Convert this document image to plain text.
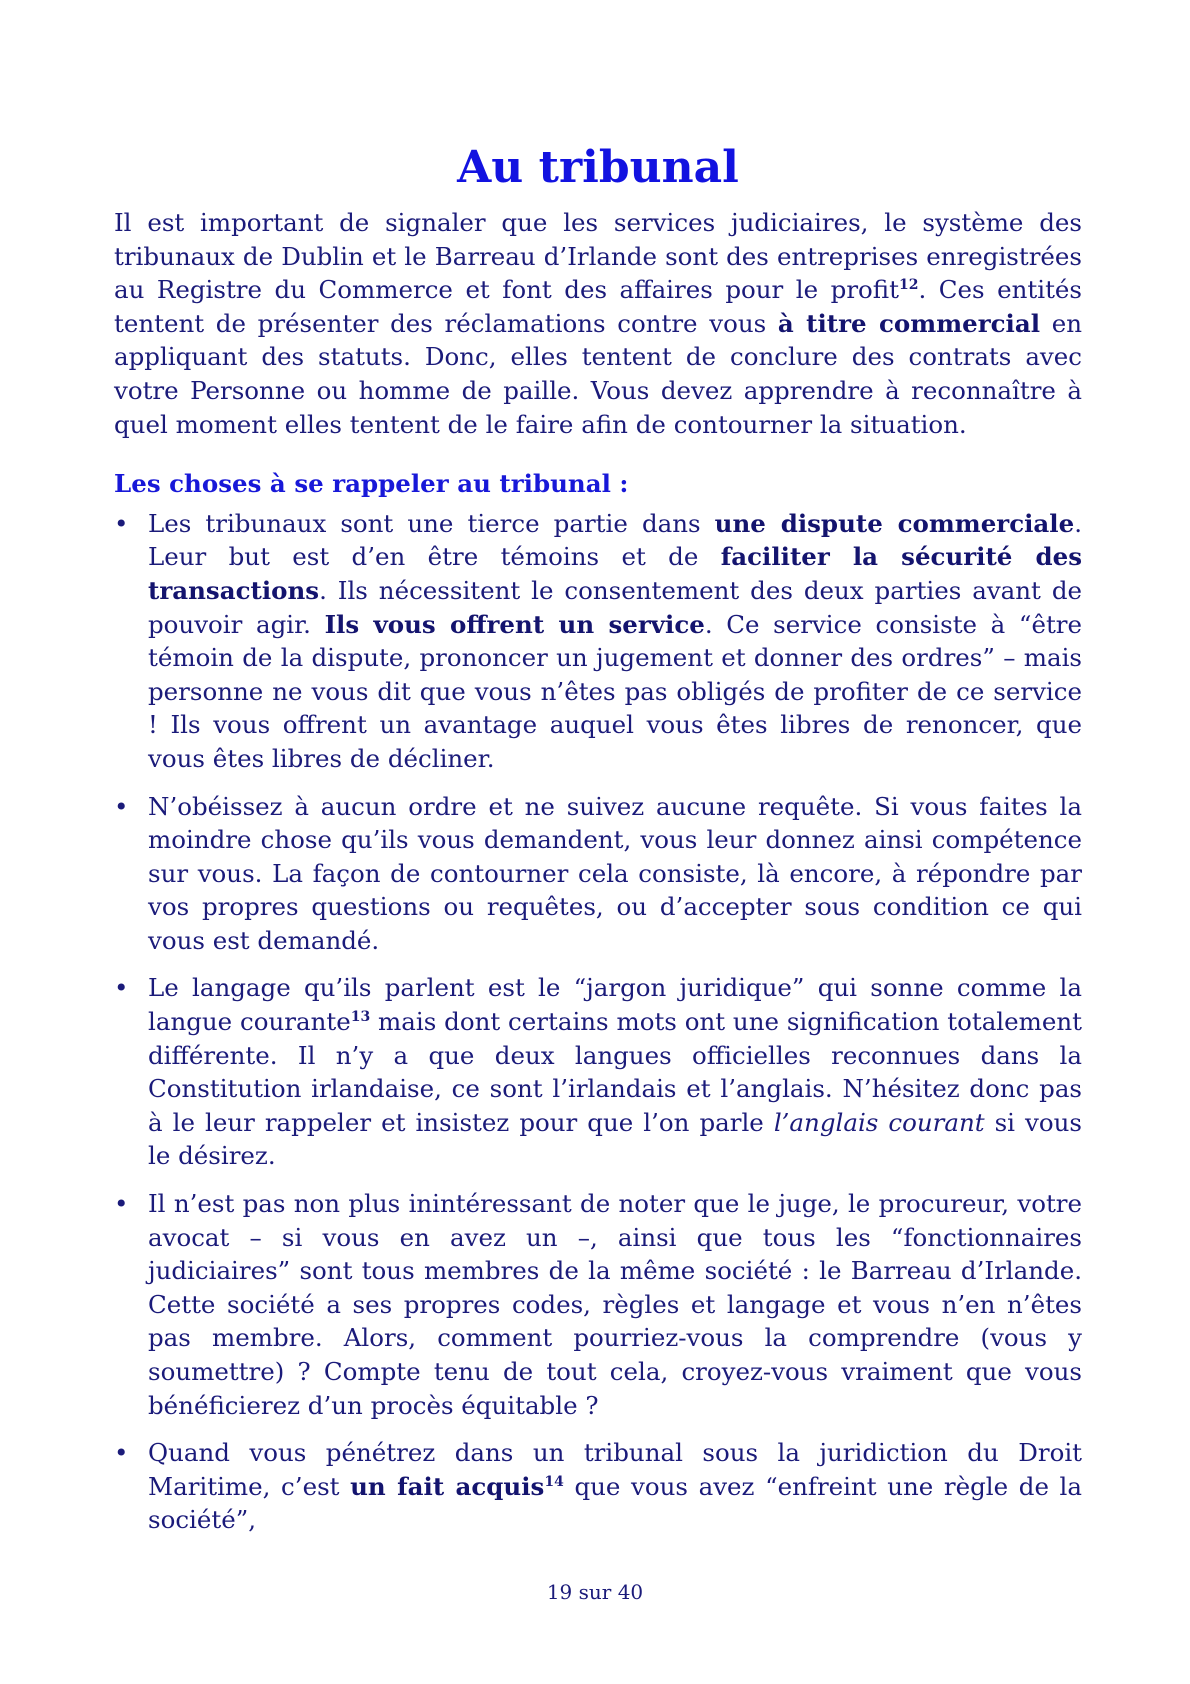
Au tribunal

Il est important de signaler que les services judiciaires, le système des tribunaux de Dublin et le Barreau d’Irlande sont des entreprises enregistrées au Registre du Commerce et font des affaires pour le profit$^{12}$. Ces entités tentent de présenter des réclamations contre vous à titre commercial en appliquant des statuts. Donc, elles tentent de conclure des contrats avec votre Personne ou homme de paille. Vous devez apprendre à reconnaître à quel moment elles tentent de le faire afin de contourner la situation.

Les choses à se rappeler au tribunal :
• Les tribunaux sont une tierce partie dans une dispute commerciale. Leur but est d’en être témoins et de faciliter la sécurité des transactions. Ils nécessitent le consentement des deux parties avant de pouvoir agir. Ils vous offrent un service. Ce service consiste à “être témoin de la dispute, prononcer un jugement et donner des ordres” – mais personne ne vous dit que vous n’êtes pas obligés de profiter de ce service ! Ils vous offrent un avantage auquel vous êtes libres de renoncer, que vous êtes libres de décliner.
• N’obéissez à aucun ordre et ne suivez aucune requête. Si vous faites la moindre chose qu’ils vous demandent, vous leur donnez ainsi compétence sur vous. La façon de contourner cela consiste, là encore, à répondre par vos propres questions ou requêtes, ou d’accepter sous condition ce qui vous est demandé.
• Le langage qu’ils parlent est le “jargon juridique” qui sonne comme la langue courante$^{13}$ mais dont certains mots ont une signification totalement différente. Il n’y a que deux langues officielles reconnues dans la Constitution irlandaise, ce sont l’irlandais et l’anglais. N’hésitez donc pas à le leur rappeler et insistez pour que l’on parle l’anglais courant si vous le désirez.
• Il n’est pas non plus inintéressant de noter que le juge, le procureur, votre avocat – si vous en avez un –, ainsi que tous les “fonctionnaires judiciaires” sont tous membres de la même société : le Barreau d’Irlande. Cette société a ses propres codes, règles et langage et vous n’en n’êtes pas membre. Alors, comment pourriez-vous la comprendre (vous y soumettre) ? Compte tenu de tout cela, croyez-vous vraiment que vous bénéficierez d’un procès équitable ?
• Quand vous pénétrez dans un tribunal sous la juridiction du Droit Maritime, c’est un fait acquis$^{14}$ que vous avez “enfreint une règle de la société”,
19 sur 40
